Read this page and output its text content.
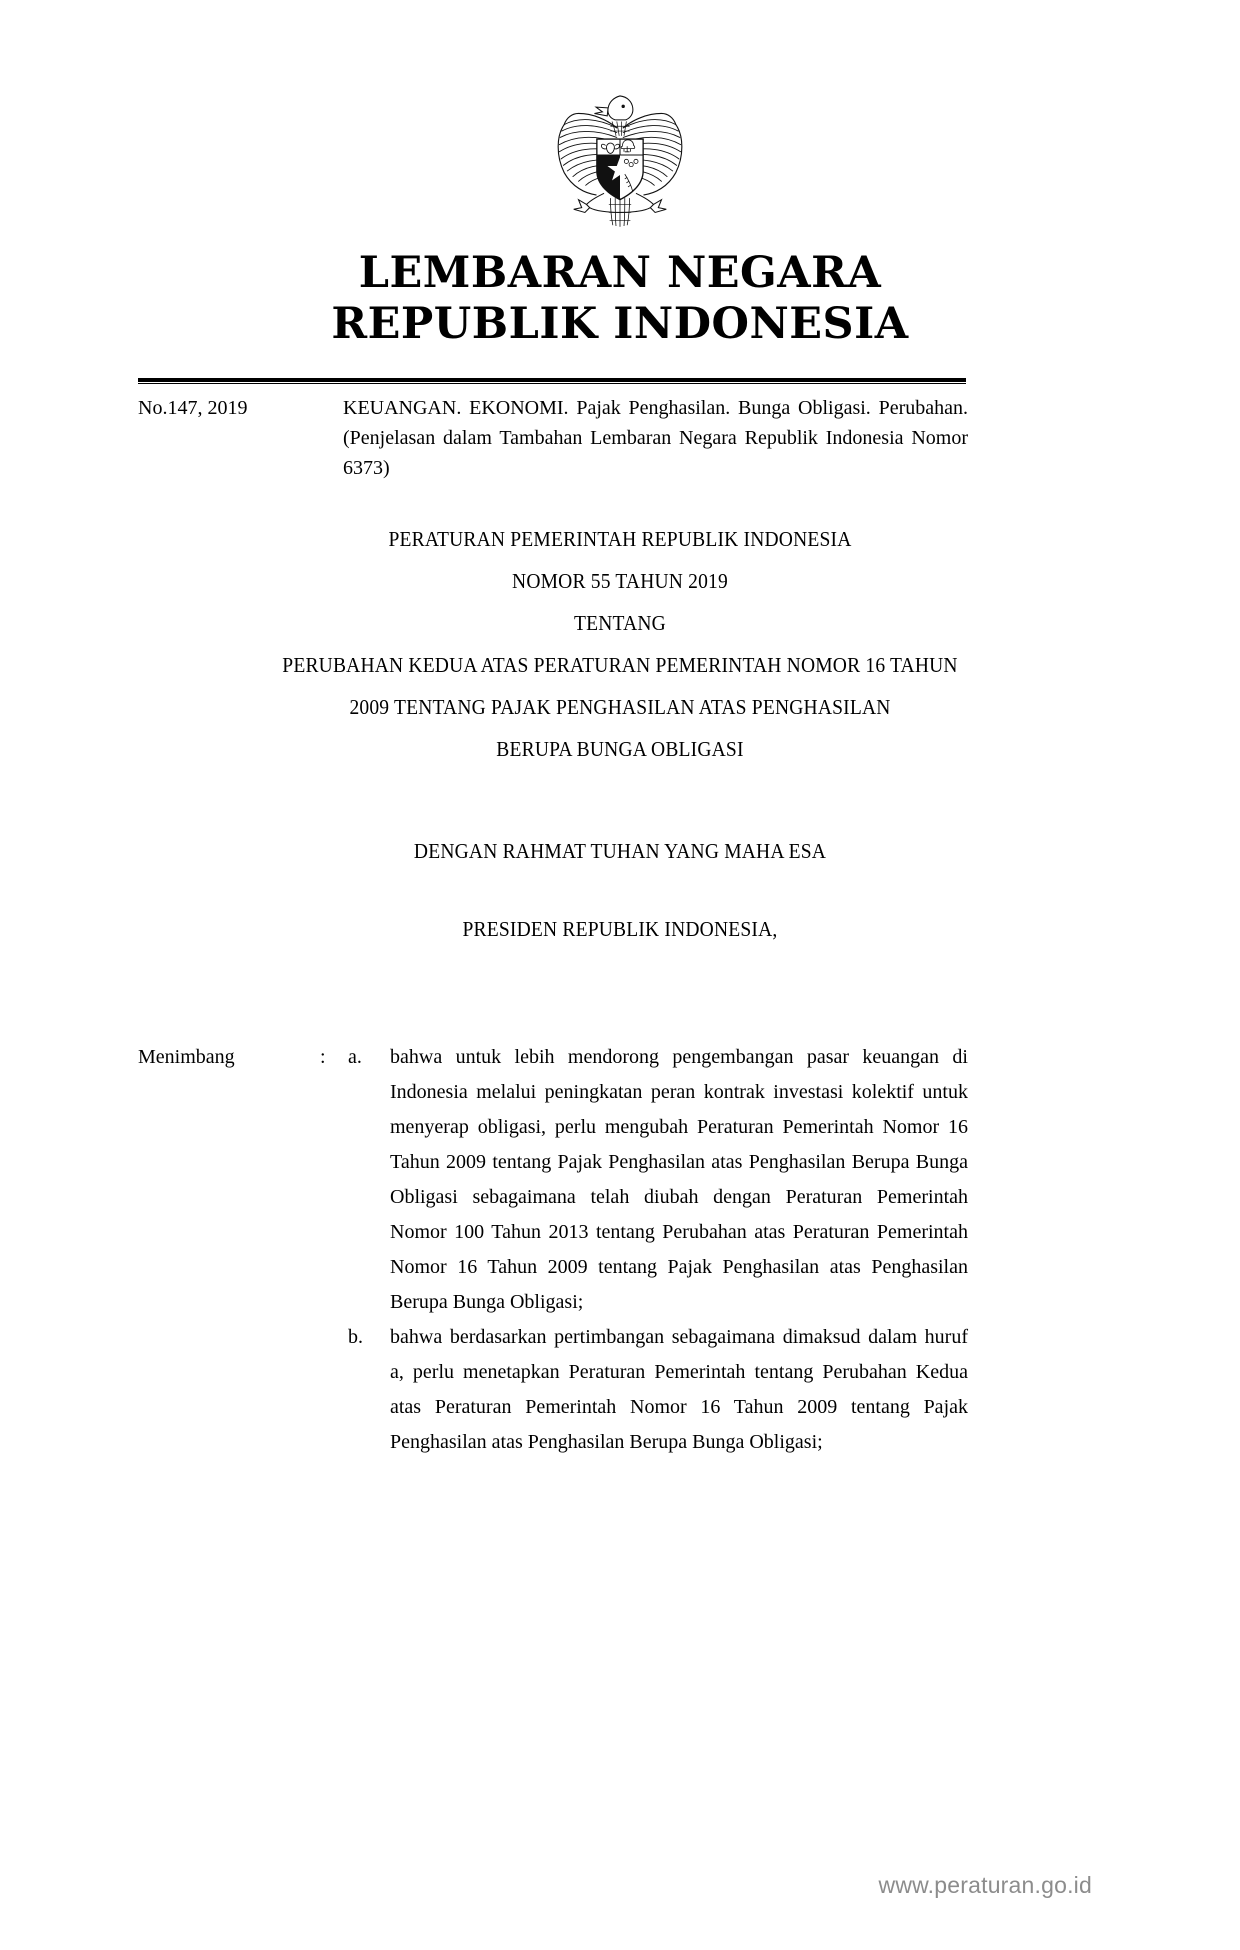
LEMBARAN NEGARA
REPUBLIK INDONESIA
No.147, 2019	KEUANGAN. EKONOMI. Pajak Penghasilan. Bunga Obligasi. Perubahan. (Penjelasan dalam Tambahan Lembaran Negara Republik Indonesia Nomor 6373)
PERATURAN PEMERINTAH REPUBLIK INDONESIA
NOMOR 55 TAHUN 2019
TENTANG
PERUBAHAN KEDUA ATAS PERATURAN PEMERINTAH NOMOR 16 TAHUN
2009 TENTANG PAJAK PENGHASILAN ATAS PENGHASILAN
BERUPA BUNGA OBLIGASI
DENGAN RAHMAT TUHAN YANG MAHA ESA
PRESIDEN REPUBLIK INDONESIA,
Menimbang	:	a.	bahwa untuk lebih mendorong pengembangan pasar keuangan di Indonesia melalui peningkatan peran kontrak investasi kolektif untuk menyerap obligasi, perlu mengubah Peraturan Pemerintah Nomor 16 Tahun 2009 tentang Pajak Penghasilan atas Penghasilan Berupa Bunga Obligasi sebagaimana telah diubah dengan Peraturan Pemerintah Nomor 100 Tahun 2013 tentang Perubahan atas Peraturan Pemerintah Nomor 16 Tahun 2009 tentang Pajak Penghasilan atas Penghasilan Berupa Bunga Obligasi;
b.	bahwa berdasarkan pertimbangan sebagaimana dimaksud dalam huruf a, perlu menetapkan Peraturan Pemerintah tentang Perubahan Kedua atas Peraturan Pemerintah Nomor 16 Tahun 2009 tentang Pajak Penghasilan atas Penghasilan Berupa Bunga Obligasi;
www.peraturan.go.id
